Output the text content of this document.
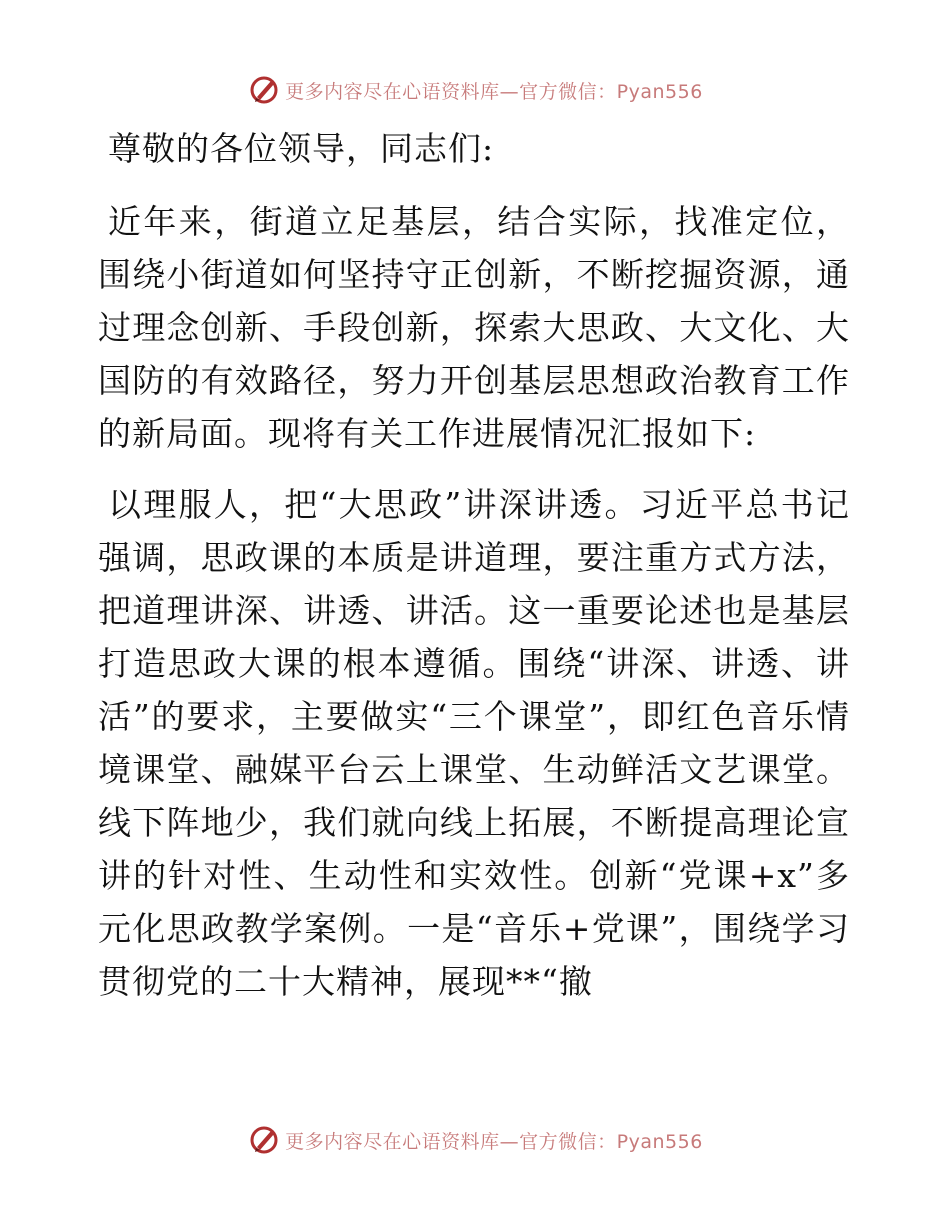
更多内容尽在心语资料库—官方微信：Pyan556

尊敬的各位领导，同志们:

近年来，街道立足基层，结合实际，找准定位，围绕小街道如何坚持守正创新，不断挖掘资源，通过理念创新、手段创新，探索大思政、大文化、大国防的有效路径，努力开创基层思想政治教育工作的新局面。现将有关工作进展情况汇报如下:

以理服人，把“大思政”讲深讲透。习近平总书记强调，思政课的本质是讲道理，要注重方式方法，把道理讲深、讲透、讲活。这一重要论述也是基层打造思政大课的根本遵循。围绕“讲深、讲透、讲活”的要求，主要做实“三个课堂”，即红色音乐情境课堂、融媒平台云上课堂、生动鲜活文艺课堂。线下阵地少，我们就向线上拓展，不断提高理论宣讲的针对性、生动性和实效性。创新“党课+x”多元化思政教学案例。一是“音乐+党课”，围绕学习贯彻党的二十大精神，展现**“撤

更多内容尽在心语资料库—官方微信：Pyan556
